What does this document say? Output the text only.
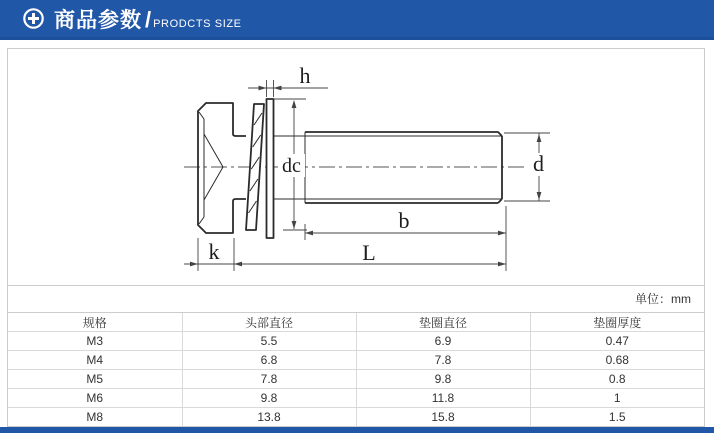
商品参数 / PRODCTS SIZE
h
dc	d
b
L
k
单位：mm
规格	头部直径	垫圈直径	垫圈厚度
M3	5.5	6.9	0.47
M4	6.8	7.8	0.68
M5	7.8	9.8	0.8
M6	9.8	11.8	1
M8	13.8	15.8	1.5
